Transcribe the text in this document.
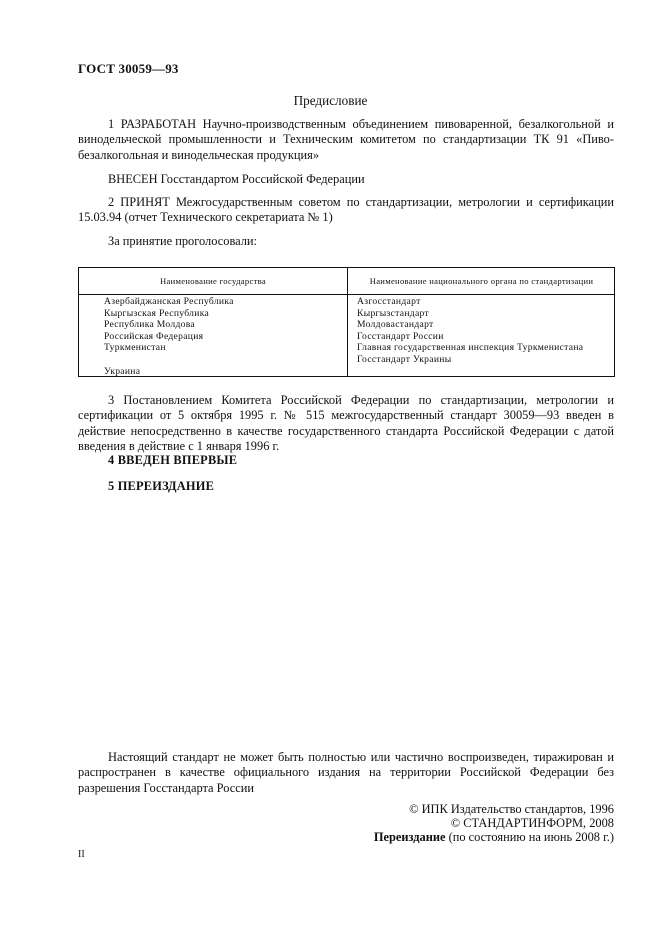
ГОСТ 30059—93
Предисловие
1 РАЗРАБОТАН Научно-производственным объединением пивоваренной, безалкогольной и винодельческой промышленности и Техническим комитетом по стандартизации ТК 91 «Пиво-безалкогольная и винодельческая продукция»
ВНЕСЕН Госстандартом Российской Федерации
2 ПРИНЯТ Межгосударственным советом по стандартизации, метрологии и сертификации 15.03.94 (отчет Технического секретариата № 1)
За принятие проголосовали:
Наименование государства	Наименование национального органа по стандартизации
Азербайджанская Республика
Кыргызская Республика
Республика Молдова
Российская Федерация
Туркменистан
Украина
Азгосстандарт
Кыргызстандарт
Молдовастандарт
Госстандарт России
Главная государственная инспекция Туркменистана
Госстандарт Украины
3 Постановлением Комитета Российской Федерации по стандартизации, метрологии и сертификации от 5 октября 1995 г. № 515 межгосударственный стандарт 30059—93 введен в действие непосредственно в качестве государственного стандарта Российской Федерации с датой введения в действие с 1 января 1996 г.
4 ВВЕДЕН ВПЕРВЫЕ
5 ПЕРЕИЗДАНИЕ
Настоящий стандарт не может быть полностью или частично воспроизведен, тиражирован и распространен в качестве официального издания на территории Российской Федерации без разрешения Госстандарта России
© ИПК Издательство стандартов, 1996
© СТАНДАРТИНФОРМ, 2008
Переиздание (по состоянию на июнь 2008 г.)
II
